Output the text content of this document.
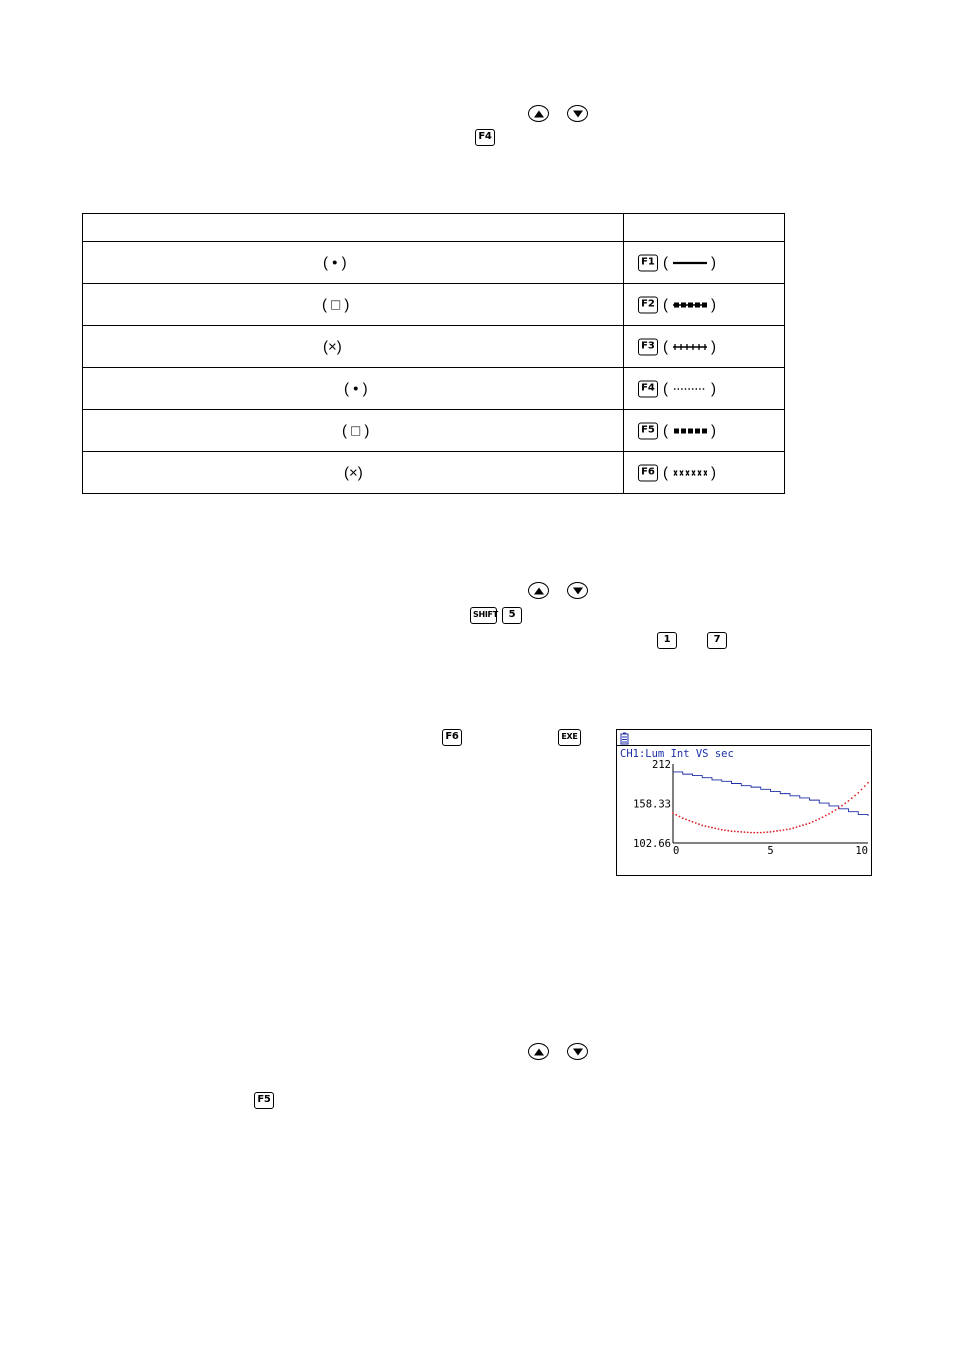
F4

( • )	F1 ( )

( □ )	F2 ( )

(×)	F3 ( )

( • )	F4 ( )

( □ )	F5 ( )

(×)	F6 ( )
SHIFT	5
1	7
F6	EXE
CH1:Lum Int VS sec
212
158.33
102.66
0	5	10
F5
